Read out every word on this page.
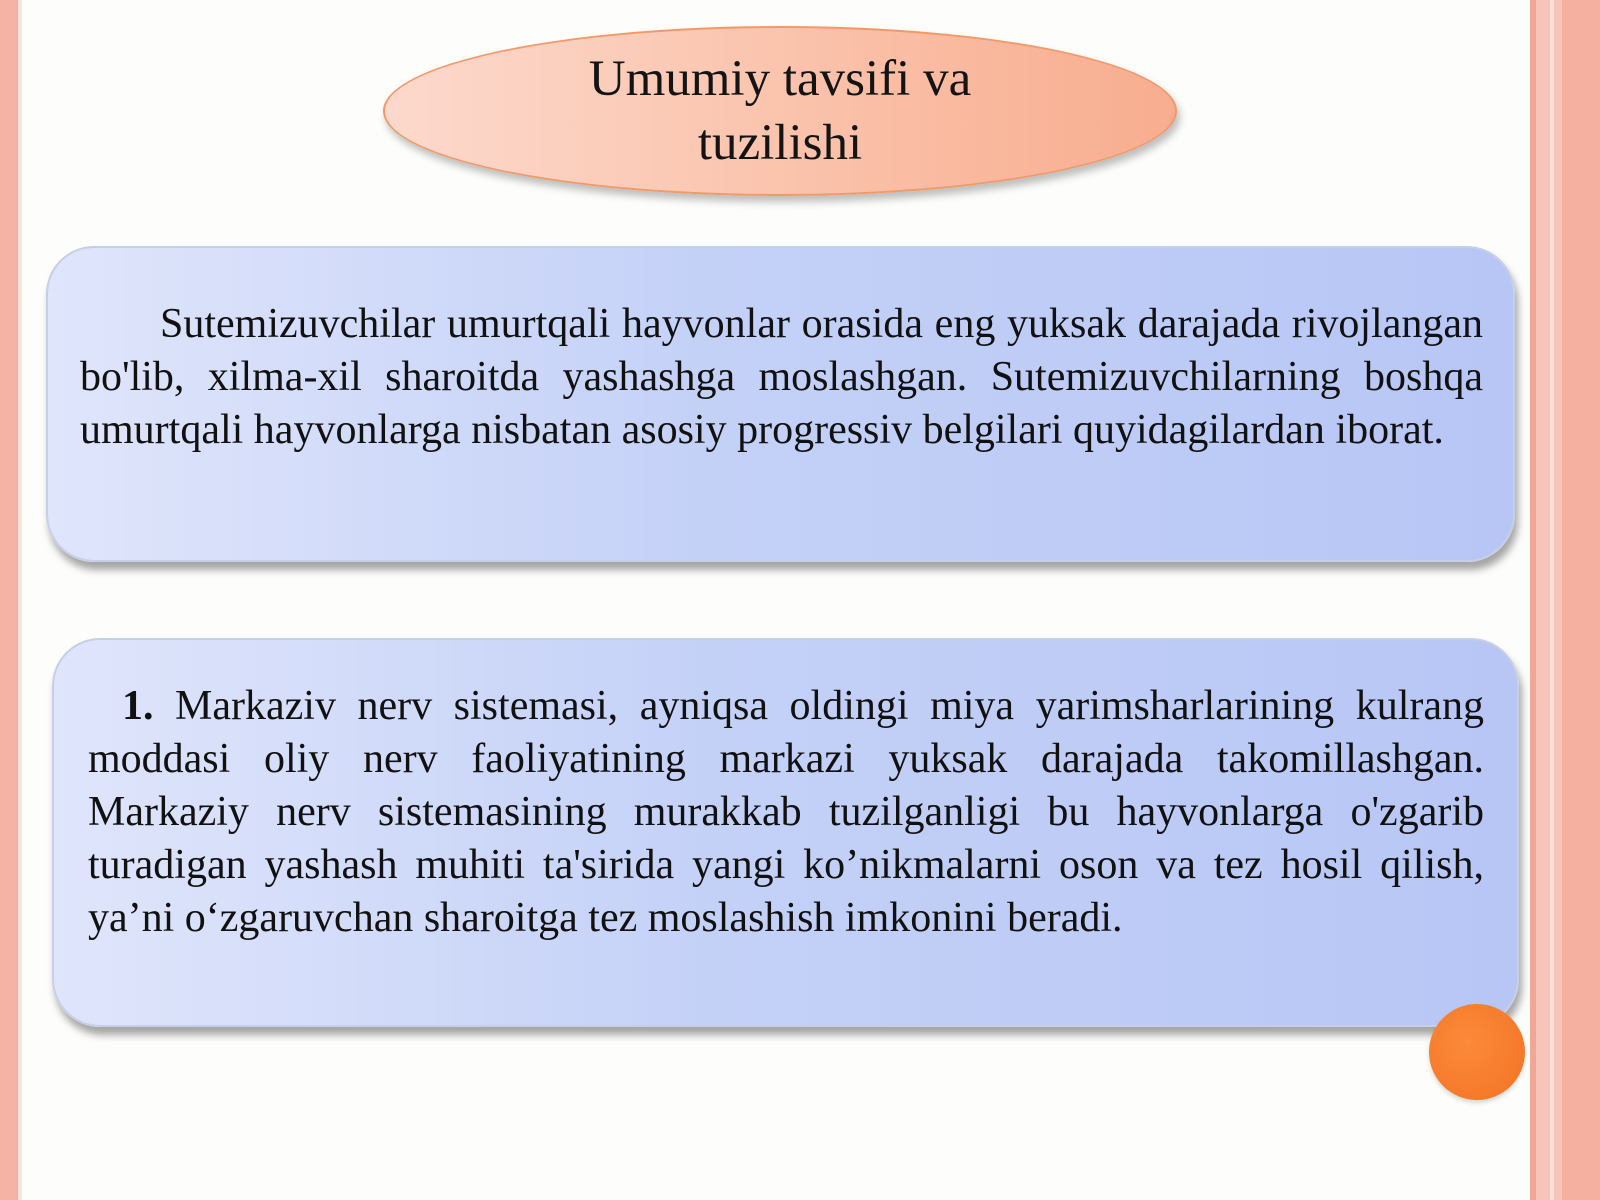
Umumiy tavsifi va
tuzilishi
Sutemizuvchilar umurtqali hayvonlar orasida eng yuksak darajada rivojlangan bo'lib, xilma-xil sharoitda yashashga moslashgan. Sutemizuvchilarning boshqa umurtqali hayvonlarga nisbatan asosiy progressiv belgilari quyidagilardan iborat.
1. Markaziv nerv sistemasi, ayniqsa oldingi miya yarimsharlarining kulrang moddasi oliy nerv faoliyatining markazi yuksak darajada takomillashgan. Markaziy nerv sistemasining murakkab tuzilganligi bu hayvonlarga o'zgarib turadigan yashash muhiti ta'sirida yangi ko’nikmalarni oson va tez hosil qilish, ya’ni o‘zgaruvchan sharoitga tez moslashish imkonini beradi.
